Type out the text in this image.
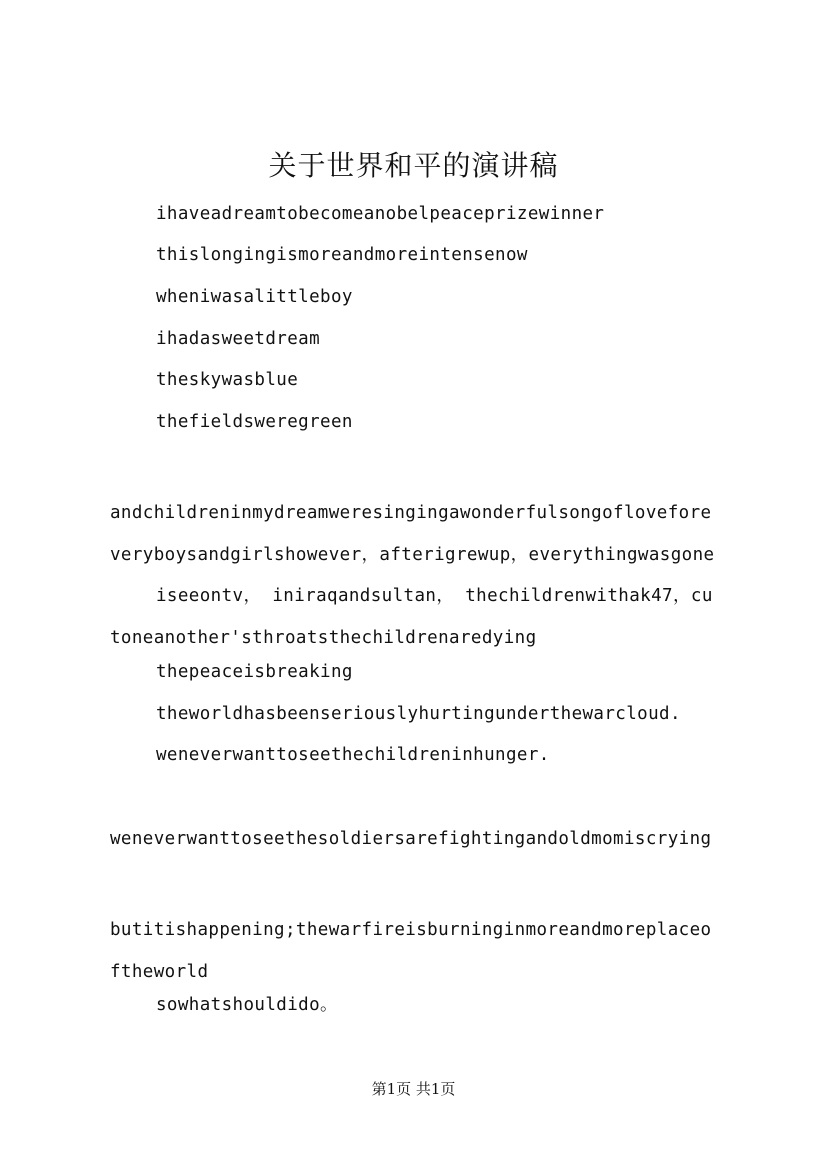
关于世界和平的演讲稿
ihaveadreamtobecomeanobelpeaceprizewinner
thislongingismoreandmoreintensenow
wheniwasalittleboy
ihadasweetdream
theskywasblue
thefieldsweregreen
andchildreninmydreamweresingingawonderfulsongofloveforeveryboysandgirlshowever，afterigrewup，everythingwasgone
iseeontv， iniraqandsultan， thechildrenwithak47，cutoneanother'sthroatsthechildrenaredying
thepeaceisbreaking
theworldhasbeenseriouslyhurtingunderthewarcloud.
weneverwanttoseethechildreninhunger.
weneverwanttoseethesoldiersarefightingandoldmomiscrying
butitishappening;thewarfireisburninginmoreandmoreplaceoftheworld
sowhatshouldido。
第1页 共1页
